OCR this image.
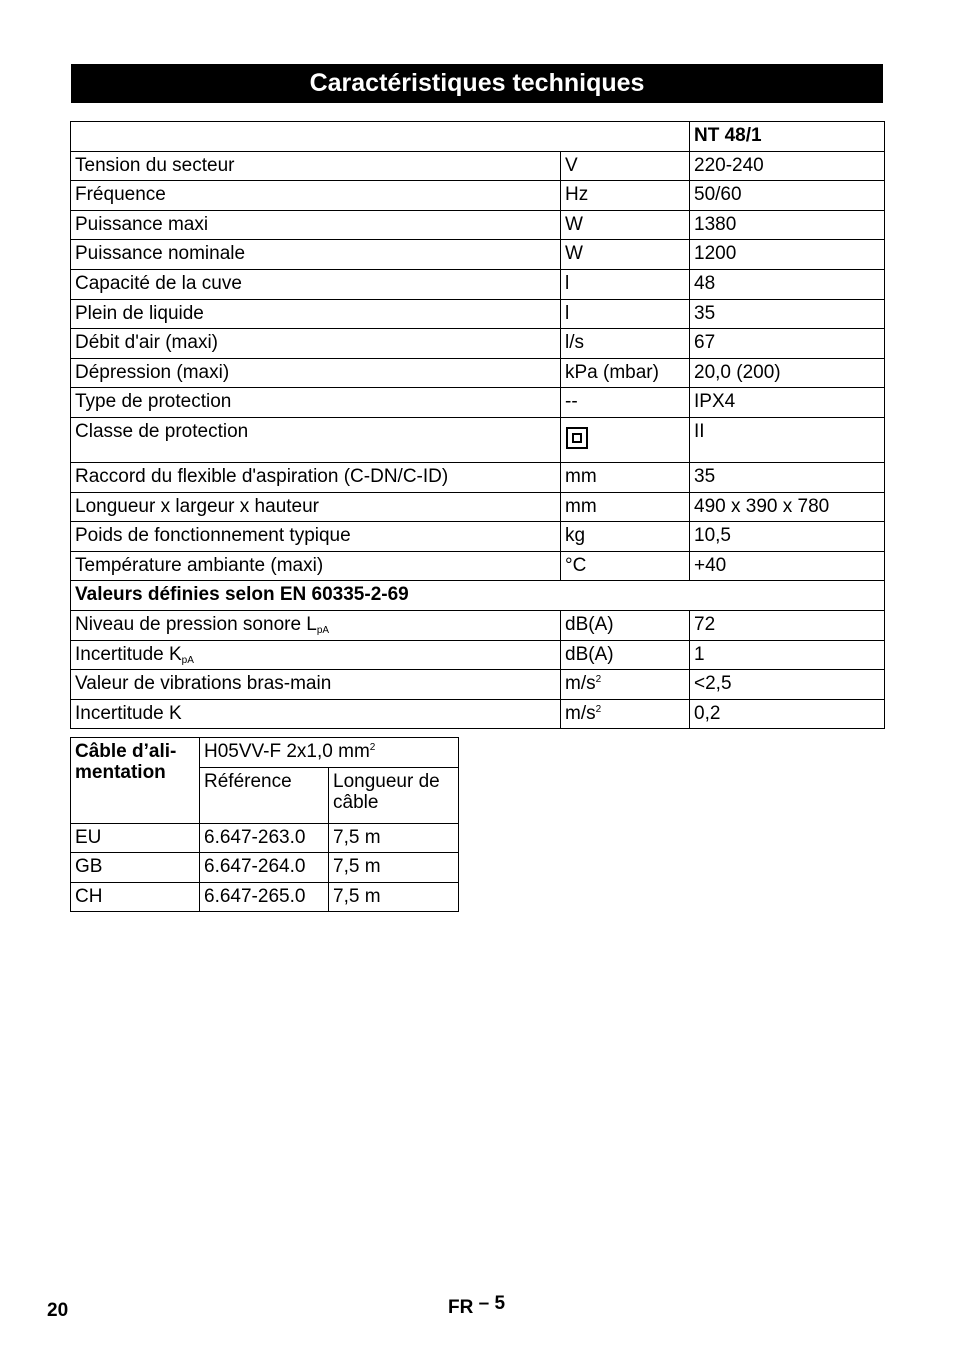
Caractéristiques techniques
		NT 48/1
Tension du secteur	V	220-240
Fréquence	Hz	50/60
Puissance maxi	W	1380
Puissance nominale	W	1200
Capacité de la cuve	l	48
Plein de liquide	l	35
Débit d'air (maxi)	l/s	67
Dépression (maxi)	kPa (mbar)	20,0 (200)
Type de protection	--	IPX4
Classe de protection		II
Raccord du flexible d'aspiration (C-DN/C-ID)	mm	35
Longueur x largeur x hauteur	mm	490 x 390 x 780
Poids de fonctionnement typique	kg	10,5
Température ambiante (maxi)	°C	+40
Valeurs définies selon EN 60335-2-69		
Niveau de pression sonore $L_{pA}$	dB(A)	72
Incertitude $K_{pA}$	dB(A)	1
Valeur de vibrations bras-main	$m/s^2$	<2,5
Incertitude K	$m/s^2$	0,2
Câble d’ali-mentation	H05VV-F 2x1,0 $mm^2$
	Référence	Longueur de câble
EU	6.647-263.0	7,5 m
GB	6.647-264.0	7,5 m
CH	6.647-265.0	7,5 m
20	FR – 5
